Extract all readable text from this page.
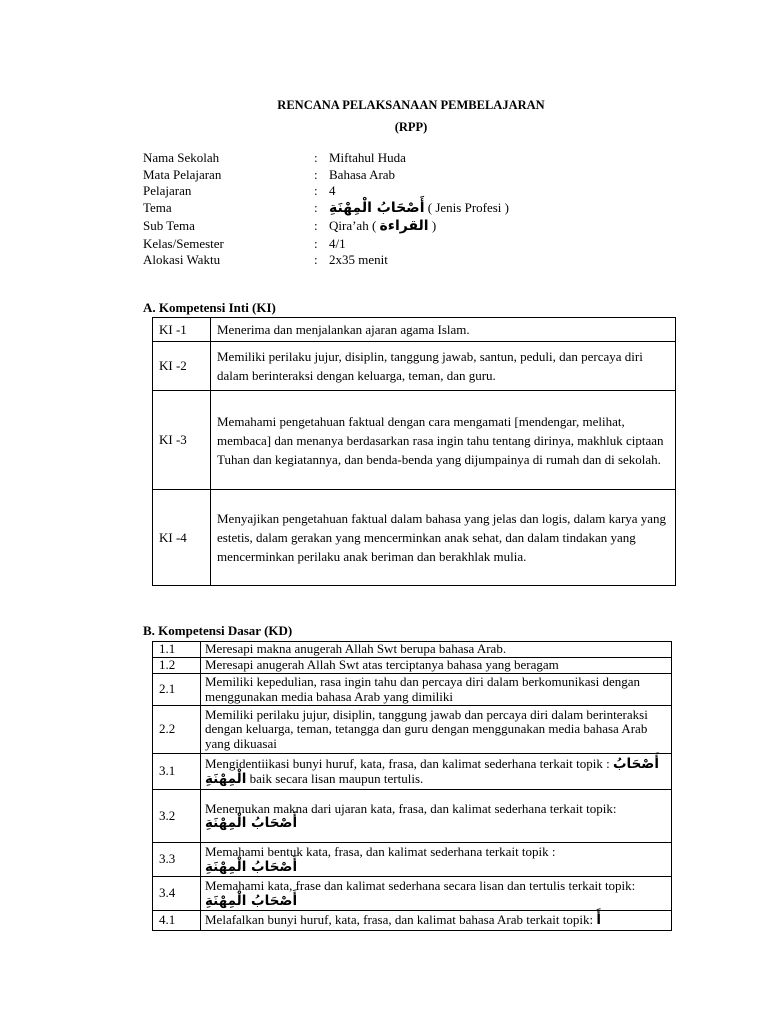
RENCANA PELAKSANAAN PEMBELAJARAN
(RPP)
Nama Sekolah	: Miftahul Huda
Mata Pelajaran	: Bahasa Arab
Pelajaran	: 4
Tema	: أَصْحَابُ الْمِهْنَةِ ( Jenis Profesi )
Sub Tema	: Qira’ah ( القراءة )
Kelas/Semester	: 4/1
Alokasi Waktu	: 2x35 menit
A. Kompetensi Inti (KI)
KI -1	Menerima dan menjalankan ajaran agama Islam.
KI -2	Memiliki perilaku jujur, disiplin, tanggung jawab, santun, peduli, dan percaya diri dalam berinteraksi dengan keluarga, teman, dan guru.
KI -3	Memahami pengetahuan faktual dengan cara mengamati [mendengar, melihat, membaca] dan menanya berdasarkan rasa ingin tahu tentang dirinya, makhluk ciptaan Tuhan dan kegiatannya, dan benda-benda yang dijumpainya di rumah dan di sekolah.
KI -4	Menyajikan pengetahuan faktual dalam bahasa yang jelas dan logis, dalam karya yang estetis, dalam gerakan yang mencerminkan anak sehat, dan dalam tindakan yang mencerminkan perilaku anak beriman dan berakhlak mulia.
B. Kompetensi Dasar (KD)
1.1	Meresapi makna anugerah Allah Swt berupa bahasa Arab.
1.2	Meresapi anugerah Allah Swt atas terciptanya bahasa yang beragam
2.1	Memiliki kepedulian, rasa ingin tahu dan percaya diri dalam berkomunikasi dengan menggunakan media bahasa Arab yang dimiliki
2.2	Memiliki perilaku jujur, disiplin, tanggung jawab dan percaya diri dalam berinteraksi dengan keluarga, teman, tetangga dan guru dengan menggunakan media bahasa Arab yang dikuasai
3.1	Mengidentiikasi bunyi huruf, kata, frasa, dan kalimat sederhana terkait topik : أَصْحَابُ الْمِهْنَةِ baik secara lisan maupun tertulis.
3.2	Menemukan makna dari ujaran kata, frasa, dan kalimat sederhana terkait topik:
أَصْحَابُ الْمِهْنَةِ
3.3	Memahami bentuk kata, frasa, dan kalimat sederhana terkait topik :
أَصْحَابُ الْمِهْنَةِ
3.4	Memahami kata, frase dan kalimat sederhana secara lisan dan tertulis terkait topik: أَصْحَابُ الْمِهْنَةِ
4.1	Melafalkan bunyi huruf, kata, frasa, dan kalimat bahasa Arab terkait topik: أَ
